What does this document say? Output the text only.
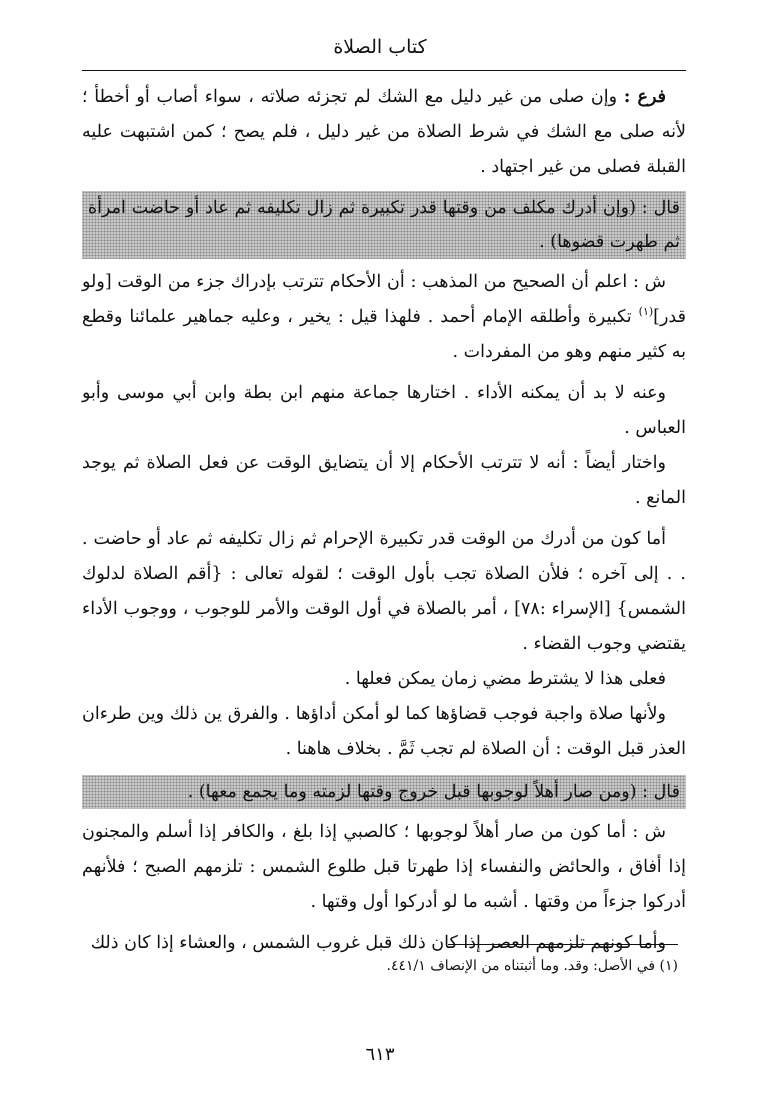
كتاب الصلاة

فرع : وإن صلى من غير دليل مع الشك لم تجزئه صلاته ، سواء أصاب أو أخطأ ؛ لأنه صلى مع الشك في شرط الصلاة من غير دليل ، فلم يصح ؛ كمن اشتبهت عليه القبلة فصلى من غير اجتهاد .

قال : (وإن أدرك مكلف من وقتها قدر تكبيرة ثم زال تكليفه ثم عاد أو حاضت امرأة ثم طهرت قضوها) .

ش : اعلم أن الصحيح من المذهب : أن الأحكام تترتب بإدراك جزء من الوقت [ولو قدر]$^{(١)}$ تكبيرة وأطلقه الإمام أحمد . فلهذا قيل : يخير ، وعليه جماهير علمائنا وقطع به كثير منهم وهو من المفردات .

وعنه لا بد أن يمكنه الأداء . اختارها جماعة منهم ابن بطة وابن أبي موسى وأبو العباس .

واختار أيضاً : أنه لا تترتب الأحكام إلا أن يتضايق الوقت عن فعل الصلاة ثم يوجد المانع .

أما كون من أدرك من الوقت قدر تكبيرة الإحرام ثم زال تكليفه ثم عاد أو حاضت . . . إلى آخره ؛ فلأن الصلاة تجب بأول الوقت ؛ لقوله تعالى : {أقم الصلاة لدلوك الشمس} [الإسراء :٧٨] ، أمر بالصلاة في أول الوقت والأمر للوجوب ، ووجوب الأداء يقتضي وجوب القضاء .

فعلى هذا لا يشترط مضي زمان يمكن فعلها .

ولأنها صلاة واجبة فوجب قضاؤها كما لو أمكن أداؤها . والفرق ين ذلك وين طرءان العذر قبل الوقت : أن الصلاة لم تجب ثَمَّ . بخلاف هاهنا .

قال : (ومن صار أهلاً لوجوبها قبل خروج وقتها لزمته وما يجمع معها) .

ش : أما كون من صار أهلاً لوجوبها ؛ كالصبي إذا بلغ ، والكافر إذا أسلم والمجنون إذا أفاق ، والحائض والنفساء إذا طهرتا قبل طلوع الشمس : تلزمهم الصبح ؛ فلأنهم أدركوا جزءاً من وقتها . أشبه ما لو أدركوا أول وقتها .

وأما كونهم تلزمهم العصر إذا كان ذلك قبل غروب الشمس ، والعشاء إذا كان ذلك

(١) في الأصل: وقد. وما أثبتناه من الإنصاف ٤٤١/١.
٦١٣
